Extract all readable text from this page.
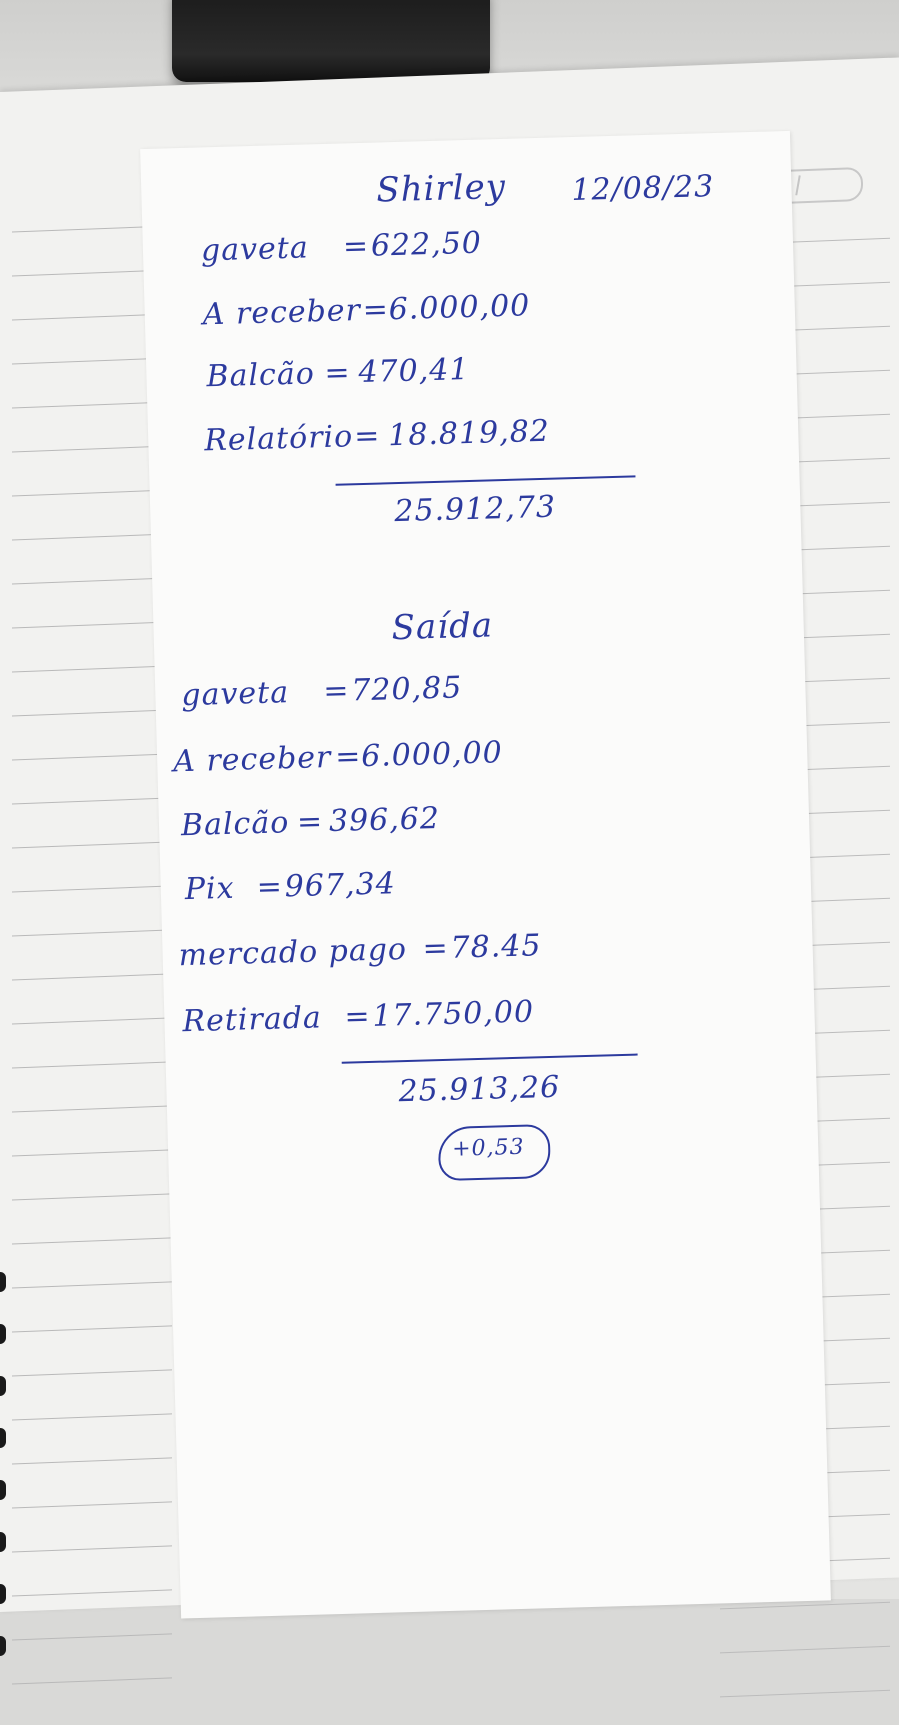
Shirley 12/08/23
gaveta = 622,50
A receber =
6.000,00
Balcão = 470,41
Relatório = 18.819,82
25.912,73
Saída
gaveta = 720,85
A receber =
6.000,00
Balcão = 396,62
Pix = 967,34
mercado pago = 78.45
Retirada = 17.750,00
25.913,26
+0,53
